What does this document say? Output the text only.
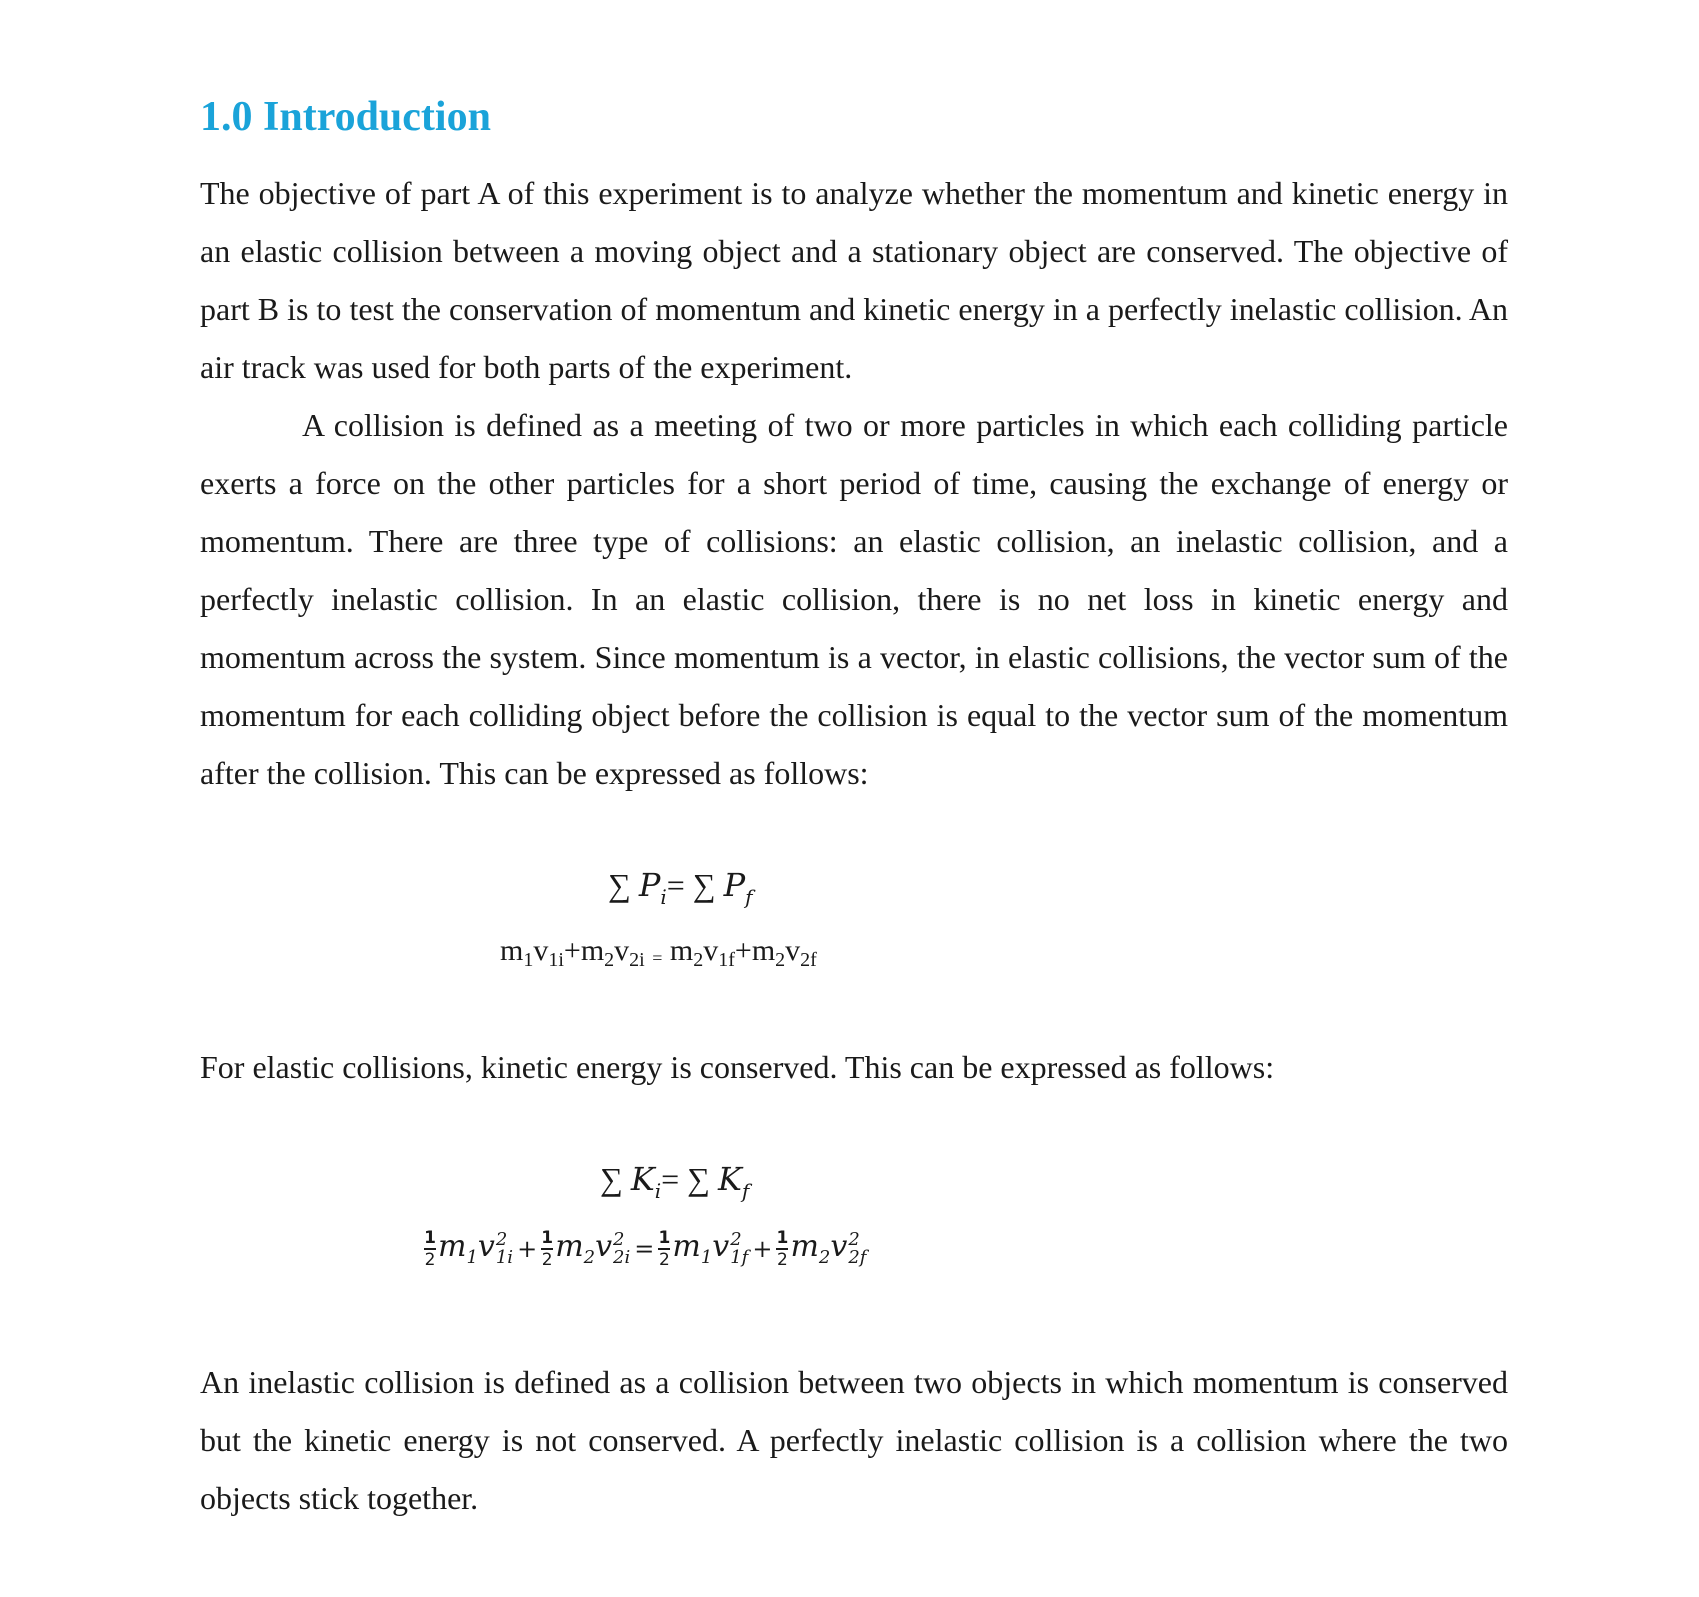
1.0 Introduction

The objective of part A of this experiment is to analyze whether the momentum and kinetic energy in an elastic collision between a moving object and a stationary object are conserved. The objective of part B is to test the conservation of momentum and kinetic energy in a perfectly inelastic collision. An air track was used for both parts of the experiment.

A collision is defined as a meeting of two or more particles in which each colliding particle exerts a force on the other particles for a short period of time, causing the exchange of energy or momentum. There are three type of collisions: an elastic collision, an inelastic collision, and a perfectly inelastic collision. In an elastic collision, there is no net loss in kinetic energy and momentum across the system. Since momentum is a vector, in elastic collisions, the vector sum of the momentum for each colliding object before the collision is equal to the vector sum of the momentum after the collision. This can be expressed as follows:

∑ $P_i=$ ∑ $P_f$
$m_1v_{1i}+m_2v_{2i} = m_2v_{1f}+m_2v_{2f}$

For elastic collisions, kinetic energy is conserved. This can be expressed as follows:

∑ $K_i=$ ∑ $K_f$
$\frac{1}{2} m_1v$ 2
$1i + \frac{1}{2} m_2v$ 2
$2i = \frac{1}{2} m_1v$ 2
$1f + \frac{1}{2} m_2v$ 2
2f

An inelastic collision is defined as a collision between two objects in which momentum is conserved but the kinetic energy is not conserved. A perfectly inelastic collision is a collision where the two objects stick together.
